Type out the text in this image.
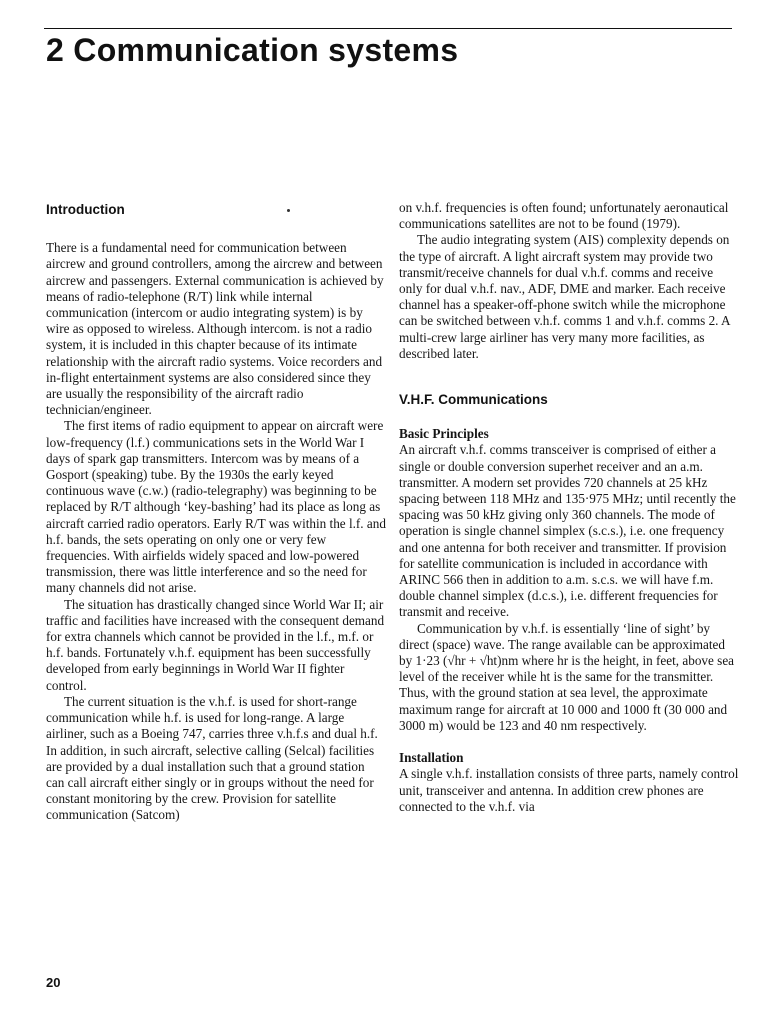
2 Communication systems
Introduction

There is a fundamental need for communication between aircrew and ground controllers, among the aircrew and between aircrew and passengers. External communication is achieved by means of radio-telephone (R/T) link while internal communication (intercom or audio integrating system) is by wire as opposed to wireless. Although intercom. is not a radio system, it is included in this chapter because of its intimate relationship with the aircraft radio systems. Voice recorders and in-flight entertainment systems are also considered since they are usually the responsibility of the aircraft radio technician/engineer.

The first items of radio equipment to appear on aircraft were low-frequency (l.f.) communications sets in the World War I days of spark gap transmitters. Intercom was by means of a Gosport (speaking) tube. By the 1930s the early keyed continuous wave (c.w.) (radio-telegraphy) was beginning to be replaced by R/T although ‘key-bashing’ had its place as long as aircraft carried radio operators. Early R/T was within the l.f. and h.f. bands, the sets operating on only one or very few frequencies. With airfields widely spaced and low-powered transmission, there was little interference and so the need for many channels did not arise.

The situation has drastically changed since World War II; air traffic and facilities have increased with the consequent demand for extra channels which cannot be provided in the l.f., m.f. or h.f. bands. Fortunately v.h.f. equipment has been successfully developed from early beginnings in World War II fighter control.

The current situation is the v.h.f. is used for short-range communication while h.f. is used for long-range. A large airliner, such as a Boeing 747, carries three v.h.f.s and dual h.f. In addition, in such aircraft, selective calling (Selcal) facilities are provided by a dual installation such that a ground station can call aircraft either singly or in groups without the need for constant monitoring by the crew. Provision for satellite communication (Satcom)

on v.h.f. frequencies is often found; unfortunately aeronautical communications satellites are not to be found (1979).

The audio integrating system (AIS) complexity depends on the type of aircraft. A light aircraft system may provide two transmit/receive channels for dual v.h.f. comms and receive only for dual v.h.f. nav., ADF, DME and marker. Each receive channel has a speaker-off-phone switch while the microphone can be switched between v.h.f. comms 1 and v.h.f. comms 2. A multi-crew large airliner has very many more facilities, as described later.

V.H.F. Communications
Basic Principles

An aircraft v.h.f. comms transceiver is comprised of either a single or double conversion superhet receiver and an a.m. transmitter. A modern set provides 720 channels at 25 kHz spacing between 118 MHz and 135·975 MHz; until recently the spacing was 50 kHz giving only 360 channels. The mode of operation is single channel simplex (s.c.s.), i.e. one frequency and one antenna for both receiver and transmitter. If provision for satellite communication is included in accordance with ARINC 566 then in addition to a.m. s.c.s. we will have f.m. double channel simplex (d.c.s.), i.e. different frequencies for transmit and receive.

Communication by v.h.f. is essentially ‘line of sight’ by direct (space) wave. The range available can be approximated by 1·23 (√hr + √ht)nm where hr is the height, in feet, above sea level of the receiver while ht is the same for the transmitter. Thus, with the ground station at sea level, the approximate maximum range for aircraft at 10 000 and 1000 ft (30 000 and 3000 m) would be 123 and 40 nm respectively.

Installation

A single v.h.f. installation consists of three parts, namely control unit, transceiver and antenna. In addition crew phones are connected to the v.h.f. via

20
